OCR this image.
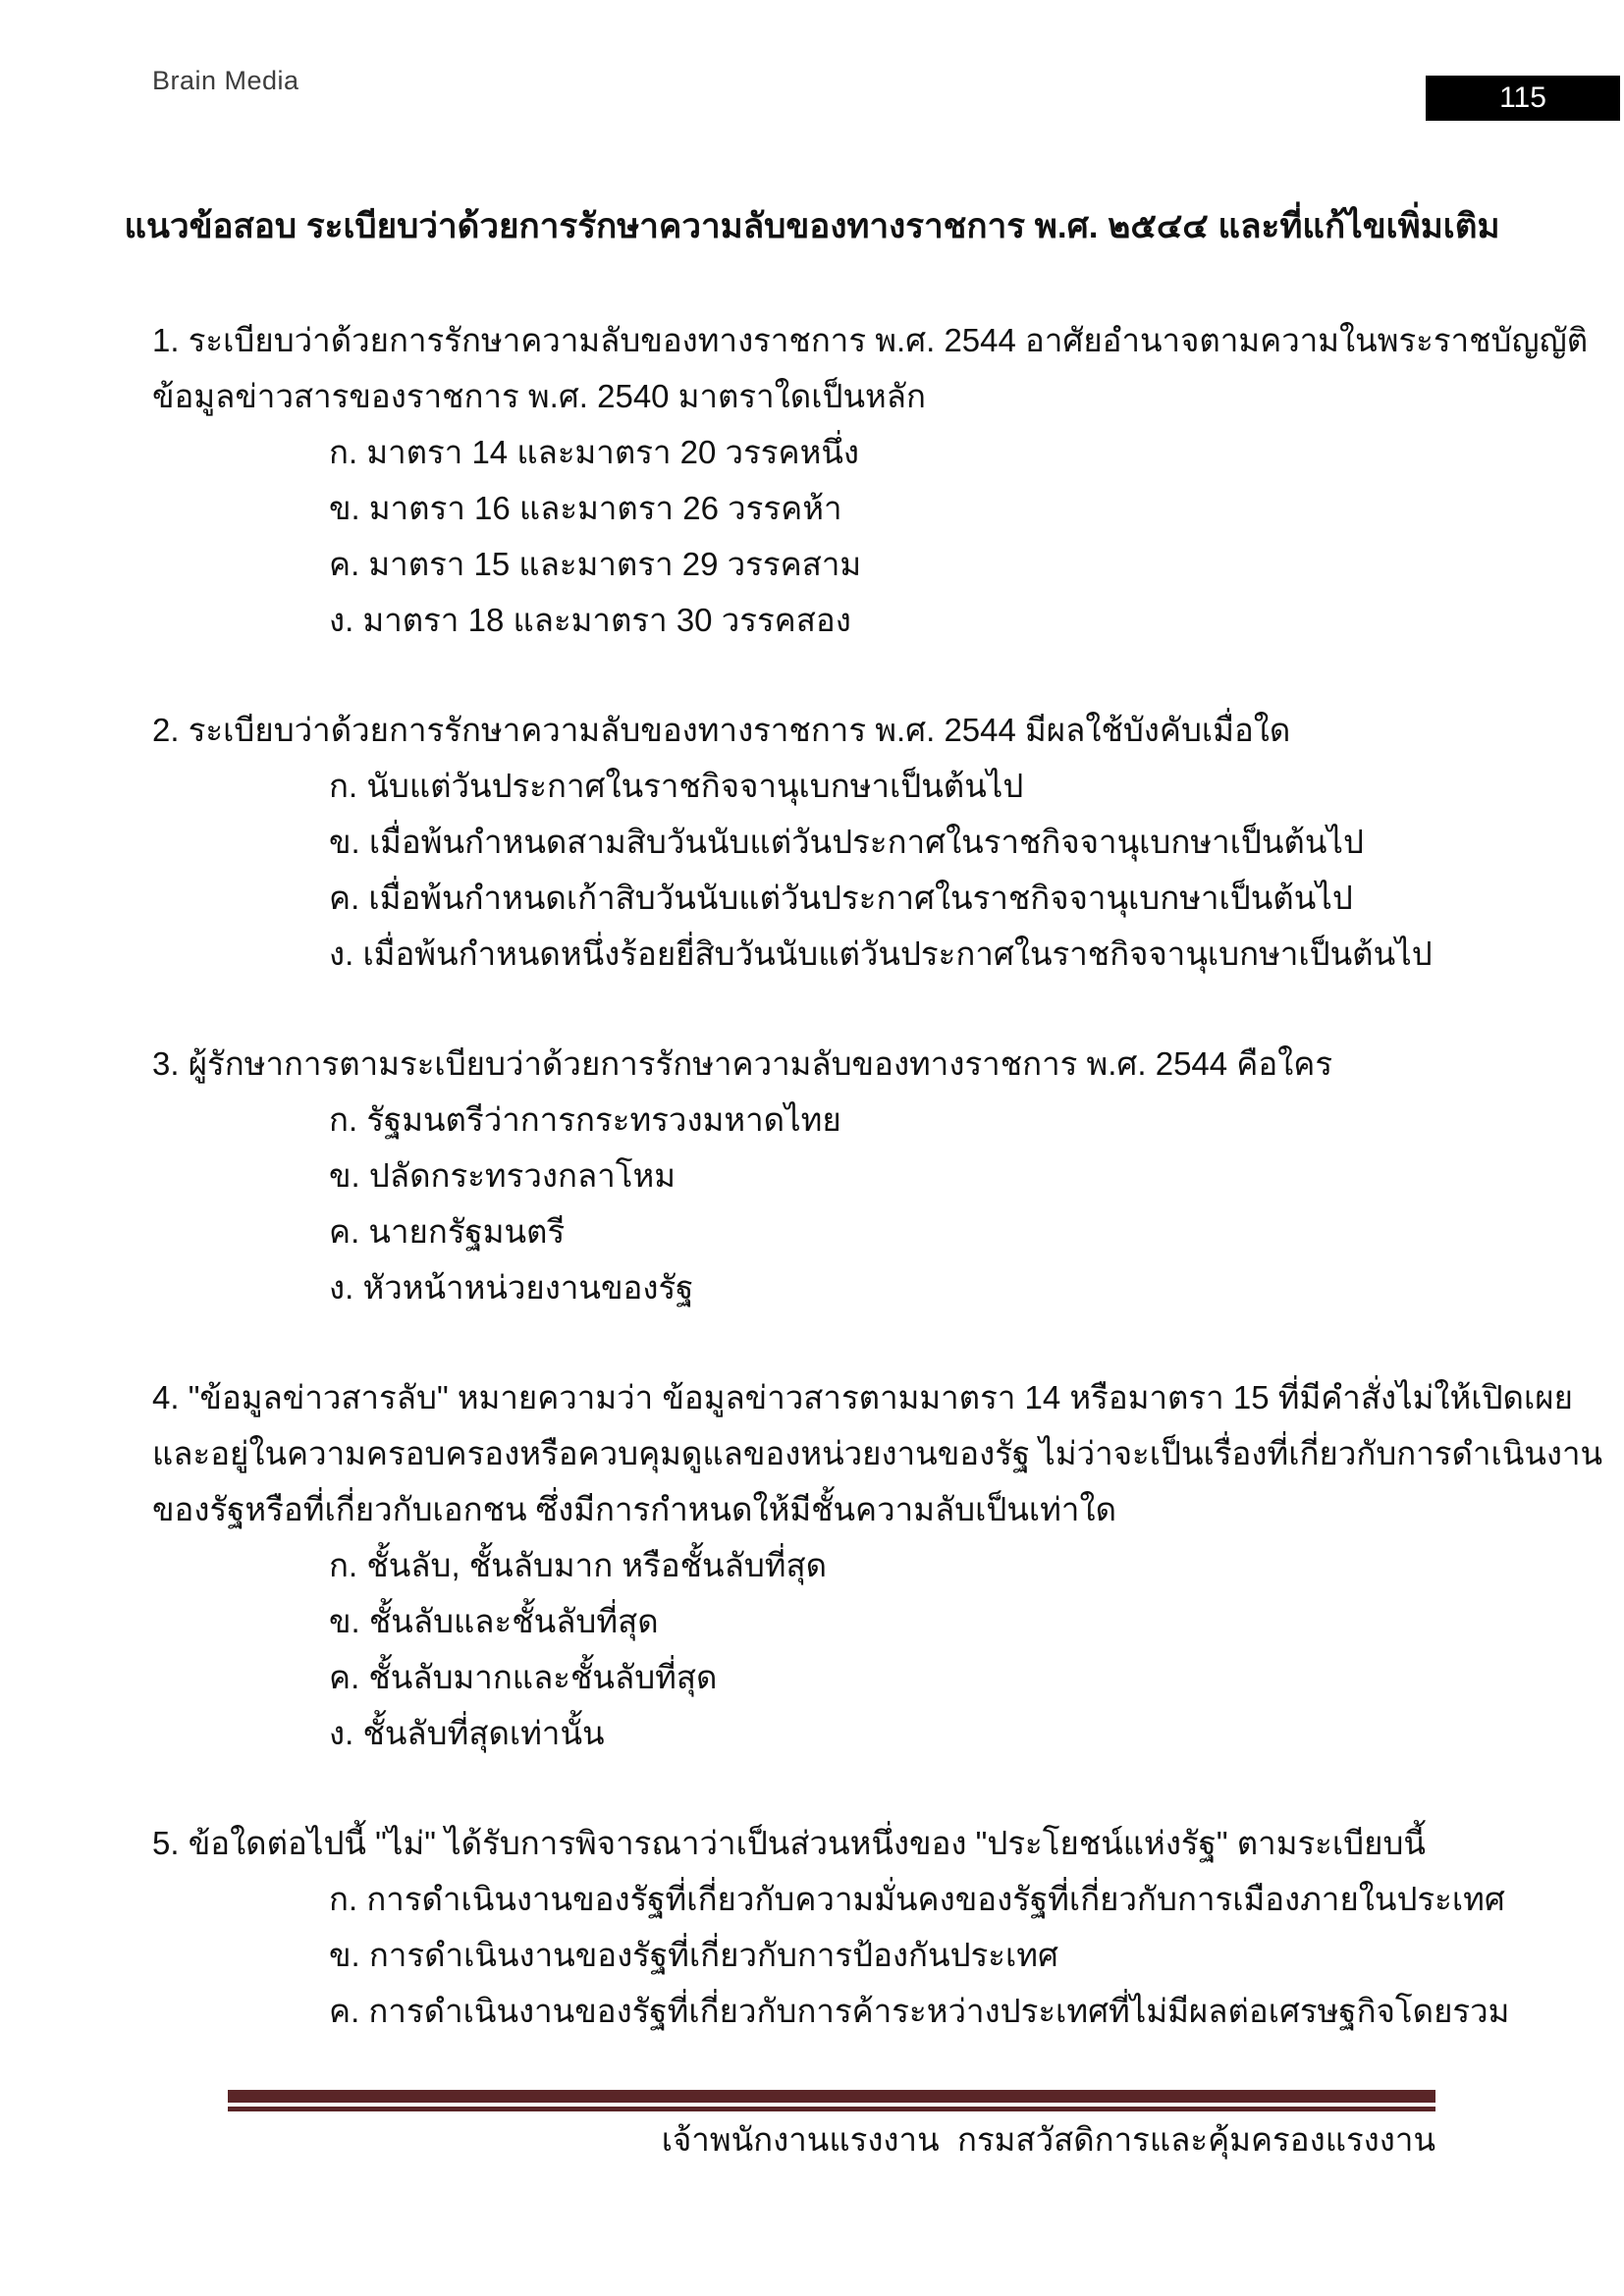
Brain Media
115
แนวข้อสอบ ระเบียบว่าด้วยการรักษาความลับของทางราชการ พ.ศ. ๒๕๔๔ และที่แก้ไขเพิ่มเติม
1. ระเบียบว่าด้วยการรักษาความลับของทางราชการ พ.ศ. 2544 อาศัยอำนาจตามความในพระราชบัญญัติ
ข้อมูลข่าวสารของราชการ พ.ศ. 2540 มาตราใดเป็นหลัก
ก. มาตรา 14 และมาตรา 20 วรรคหนึ่ง
ข. มาตรา 16 และมาตรา 26 วรรคห้า
ค. มาตรา 15 และมาตรา 29 วรรคสาม
ง. มาตรา 18 และมาตรา 30 วรรคสอง
2. ระเบียบว่าด้วยการรักษาความลับของทางราชการ พ.ศ. 2544 มีผลใช้บังคับเมื่อใด
ก. นับแต่วันประกาศในราชกิจจานุเบกษาเป็นต้นไป
ข. เมื่อพ้นกำหนดสามสิบวันนับแต่วันประกาศในราชกิจจานุเบกษาเป็นต้นไป
ค. เมื่อพ้นกำหนดเก้าสิบวันนับแต่วันประกาศในราชกิจจานุเบกษาเป็นต้นไป
ง. เมื่อพ้นกำหนดหนึ่งร้อยยี่สิบวันนับแต่วันประกาศในราชกิจจานุเบกษาเป็นต้นไป
3. ผู้รักษาการตามระเบียบว่าด้วยการรักษาความลับของทางราชการ พ.ศ. 2544 คือใคร
ก. รัฐมนตรีว่าการกระทรวงมหาดไทย
ข. ปลัดกระทรวงกลาโหม
ค. นายกรัฐมนตรี
ง. หัวหน้าหน่วยงานของรัฐ
4. "ข้อมูลข่าวสารลับ" หมายความว่า ข้อมูลข่าวสารตามมาตรา 14 หรือมาตรา 15 ที่มีคำสั่งไม่ให้เปิดเผย
และอยู่ในความครอบครองหรือควบคุมดูแลของหน่วยงานของรัฐ ไม่ว่าจะเป็นเรื่องที่เกี่ยวกับการดำเนินงาน
ของรัฐหรือที่เกี่ยวกับเอกชน ซึ่งมีการกำหนดให้มีชั้นความลับเป็นเท่าใด
ก. ชั้นลับ, ชั้นลับมาก หรือชั้นลับที่สุด
ข. ชั้นลับและชั้นลับที่สุด
ค. ชั้นลับมากและชั้นลับที่สุด
ง. ชั้นลับที่สุดเท่านั้น
5. ข้อใดต่อไปนี้ "ไม่" ได้รับการพิจารณาว่าเป็นส่วนหนึ่งของ "ประโยชน์แห่งรัฐ" ตามระเบียบนี้
ก. การดำเนินงานของรัฐที่เกี่ยวกับความมั่นคงของรัฐที่เกี่ยวกับการเมืองภายในประเทศ
ข. การดำเนินงานของรัฐที่เกี่ยวกับการป้องกันประเทศ
ค. การดำเนินงานของรัฐที่เกี่ยวกับการค้าระหว่างประเทศที่ไม่มีผลต่อเศรษฐกิจโดยรวม
เจ้าพนักงานแรงงาน  กรมสวัสดิการและคุ้มครองแรงงาน
